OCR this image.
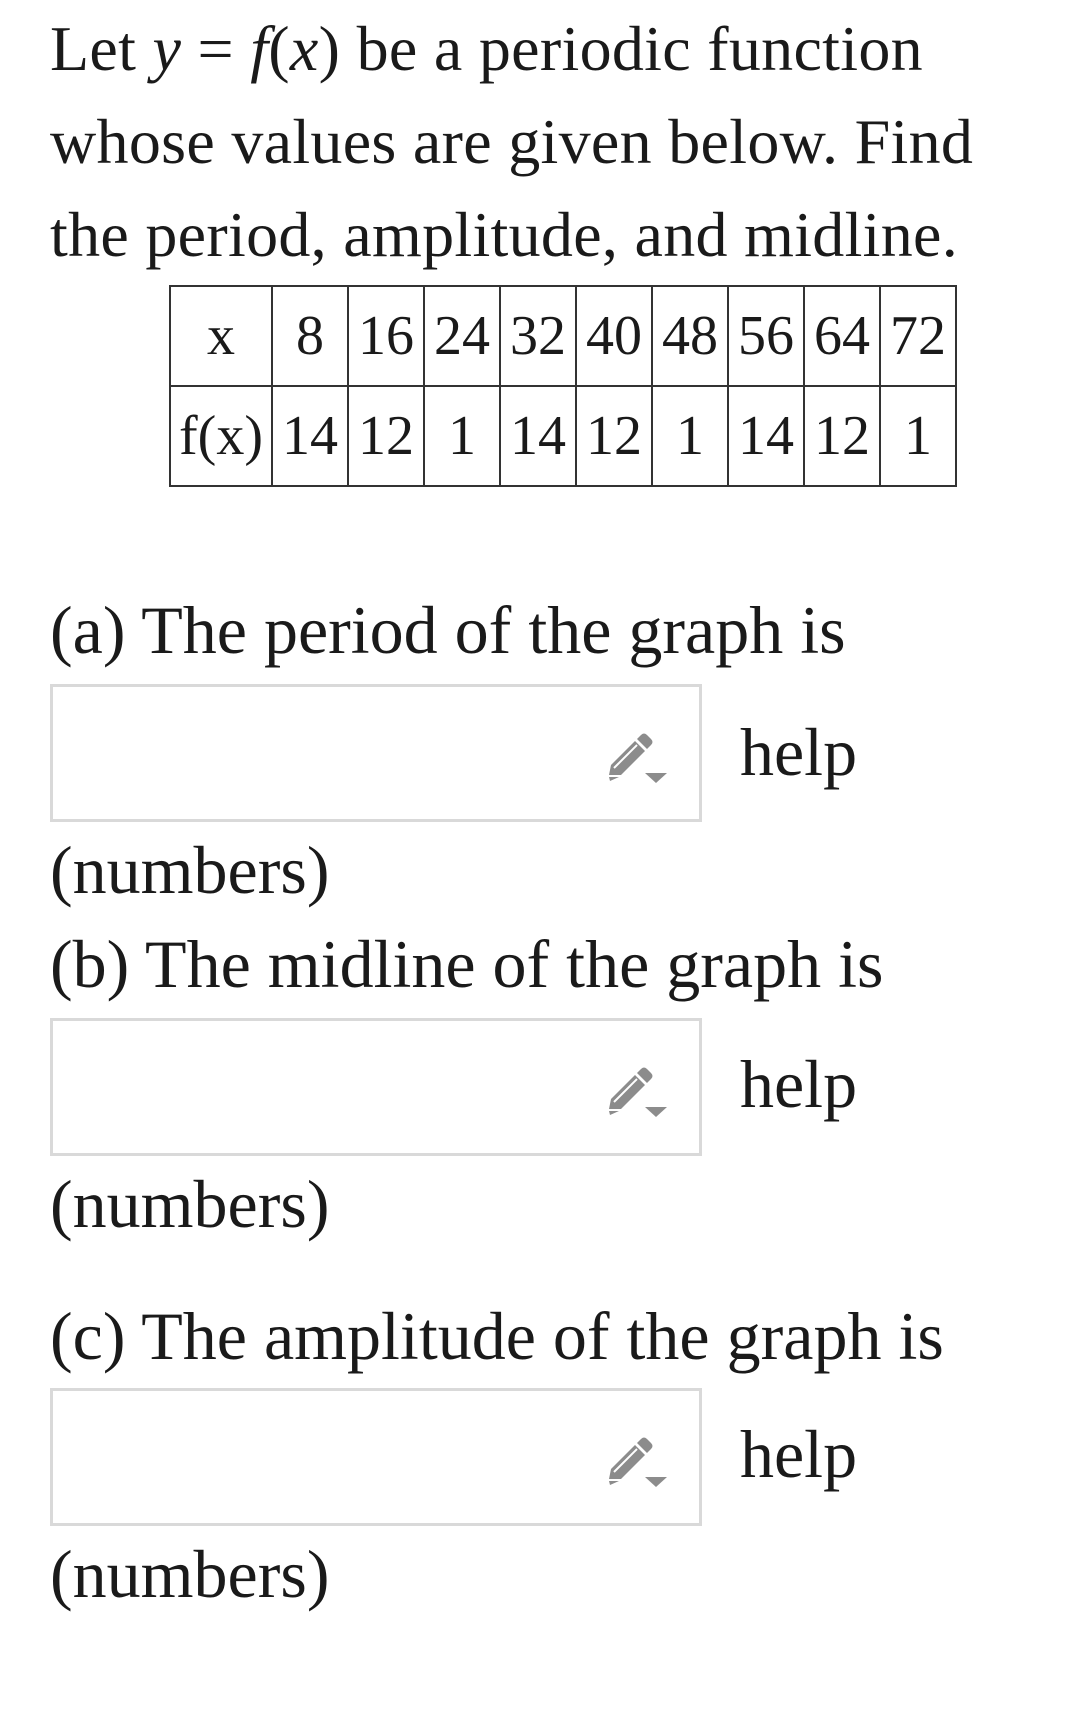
Let y = f(x) be a periodic function
whose values are given below. Find
the period, amplitude, and midline.
x	8	16	24	32	40	48	56	64	72
f(x)	14	12	1	14	12	1	14	12	1
(a) The period of the graph is
help
(numbers)
(b) The midline of the graph is
help
(numbers)
(c) The amplitude of the graph is
help
(numbers)
